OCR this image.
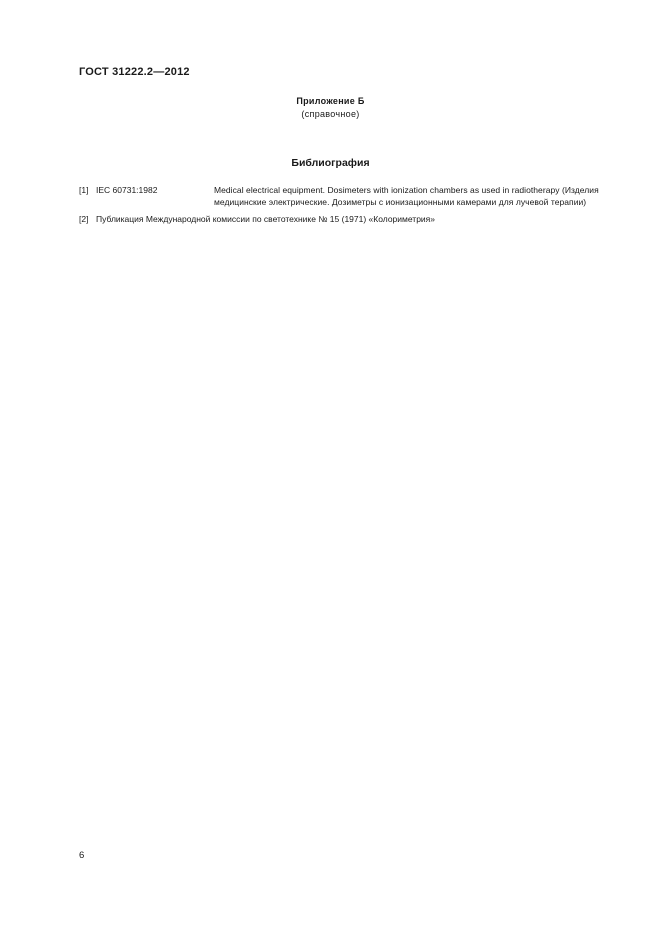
ГОСТ 31222.2—2012
Приложение Б
(справочное)
Библиография
[1] IEC 60731:1982	Medical electrical equipment. Dosimeters with ionization chambers as used in radiotherapy (Изделия медицинские электрические. Дозиметры с ионизационными камерами для лучевой терапии)
[2] Публикация Международной комиссии по светотехнике № 15 (1971) «Колориметрия»
6
